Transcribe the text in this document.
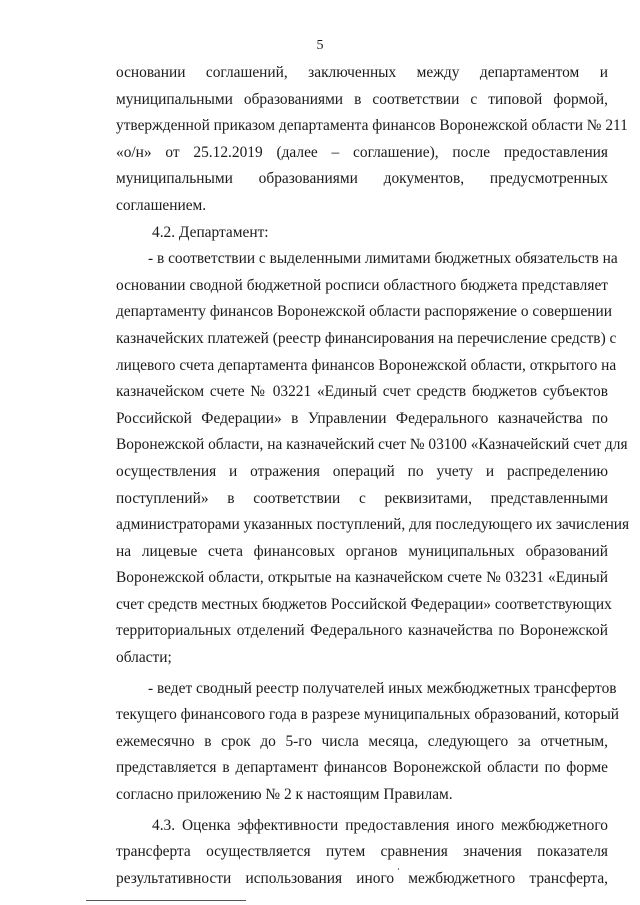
5
основании соглашений, заключенных между департаментом и
муниципальными образованиями в соответствии с типовой формой,
утвержденной приказом департамента финансов Воронежской области № 211
«о/н» от 25.12.2019 (далее – соглашение), после предоставления
муниципальными образованиями документов, предусмотренных
соглашением.
4.2. Департамент:
- в соответствии с выделенными лимитами бюджетных обязательств на
основании сводной бюджетной росписи областного бюджета представляет
департаменту финансов Воронежской области распоряжение о совершении
казначейских платежей (реестр финансирования на перечисление средств) с
лицевого счета департамента финансов Воронежской области, открытого на
казначейском счете № 03221 «Единый счет средств бюджетов субъектов
Российской Федерации» в Управлении Федерального казначейства по
Воронежской области, на казначейский счет № 03100 «Казначейский счет для
осуществления и отражения операций по учету и распределению
поступлений» в соответствии с реквизитами, представленными
администраторами указанных поступлений, для последующего их зачисления
на лицевые счета финансовых органов муниципальных образований
Воронежской области, открытые на казначейском счете № 03231 «Единый
счет средств местных бюджетов Российской Федерации» соответствующих
территориальных отделений Федерального казначейства по Воронежской
области;
- ведет сводный реестр получателей иных межбюджетных трансфертов
текущего финансового года в разрезе муниципальных образований, который
ежемесячно в срок до 5-го числа месяца, следующего за отчетным,
представляется в департамент финансов Воронежской области по форме
согласно приложению № 2 к настоящим Правилам.
4.3. Оценка эффективности предоставления иного межбюджетного
трансферта осуществляется путем сравнения значения показателя
результативности использования иного межбюджетного трансферта,
